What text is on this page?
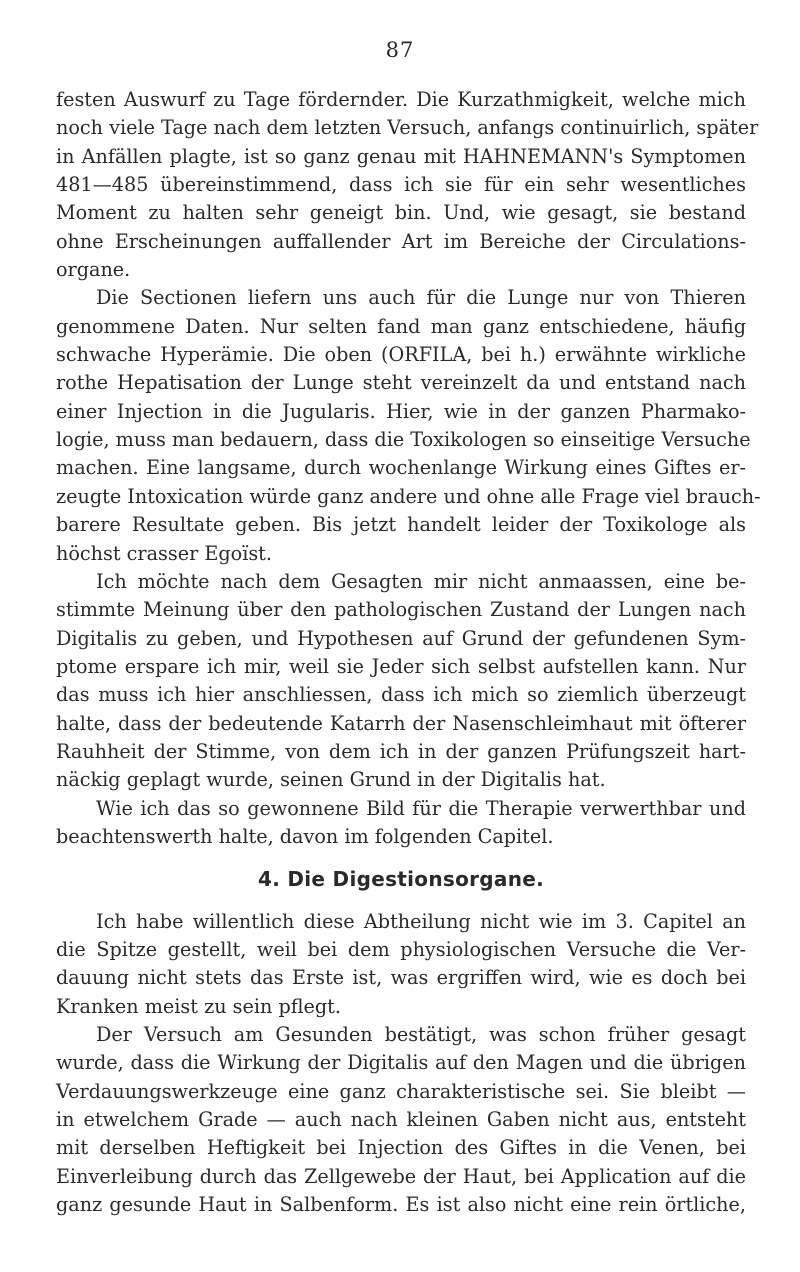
87
festen Auswurf zu Tage fördernder. Die Kurzathmigkeit, welche mich
noch viele Tage nach dem letzten Versuch, anfangs continuirlich, später
in Anfällen plagte, ist so ganz genau mit HAHNEMANN's Symptomen
481—485 übereinstimmend, dass ich sie für ein sehr wesentliches
Moment zu halten sehr geneigt bin. Und, wie gesagt, sie bestand
ohne Erscheinungen auffallender Art im Bereiche der Circulations-
organe.
Die Sectionen liefern uns auch für die Lunge nur von Thieren
genommene Daten. Nur selten fand man ganz entschiedene, häufig
schwache Hyperämie. Die oben (ORFILA, bei h.) erwähnte wirkliche
rothe Hepatisation der Lunge steht vereinzelt da und entstand nach
einer Injection in die Jugularis. Hier, wie in der ganzen Pharmako-
logie, muss man bedauern, dass die Toxikologen so einseitige Versuche
machen. Eine langsame, durch wochenlange Wirkung eines Giftes er-
zeugte Intoxication würde ganz andere und ohne alle Frage viel brauch-
barere Resultate geben. Bis jetzt handelt leider der Toxikologe als
höchst crasser Egoïst.
Ich möchte nach dem Gesagten mir nicht anmaassen, eine be-
stimmte Meinung über den pathologischen Zustand der Lungen nach
Digitalis zu geben, und Hypothesen auf Grund der gefundenen Sym-
ptome erspare ich mir, weil sie Jeder sich selbst aufstellen kann. Nur
das muss ich hier anschliessen, dass ich mich so ziemlich überzeugt
halte, dass der bedeutende Katarrh der Nasenschleimhaut mit öfterer
Rauhheit der Stimme, von dem ich in der ganzen Prüfungszeit hart-
näckig geplagt wurde, seinen Grund in der Digitalis hat.
Wie ich das so gewonnene Bild für die Therapie verwerthbar und
beachtenswerth halte, davon im folgenden Capitel.
4. Die Digestionsorgane.
Ich habe willentlich diese Abtheilung nicht wie im 3. Capitel an
die Spitze gestellt, weil bei dem physiologischen Versuche die Ver-
dauung nicht stets das Erste ist, was ergriffen wird, wie es doch bei
Kranken meist zu sein pflegt.
Der Versuch am Gesunden bestätigt, was schon früher gesagt
wurde, dass die Wirkung der Digitalis auf den Magen und die übrigen
Verdauungswerkzeuge eine ganz charakteristische sei. Sie bleibt —
in etwelchem Grade — auch nach kleinen Gaben nicht aus, entsteht
mit derselben Heftigkeit bei Injection des Giftes in die Venen, bei
Einverleibung durch das Zellgewebe der Haut, bei Application auf die
ganz gesunde Haut in Salbenform. Es ist also nicht eine rein örtliche,
